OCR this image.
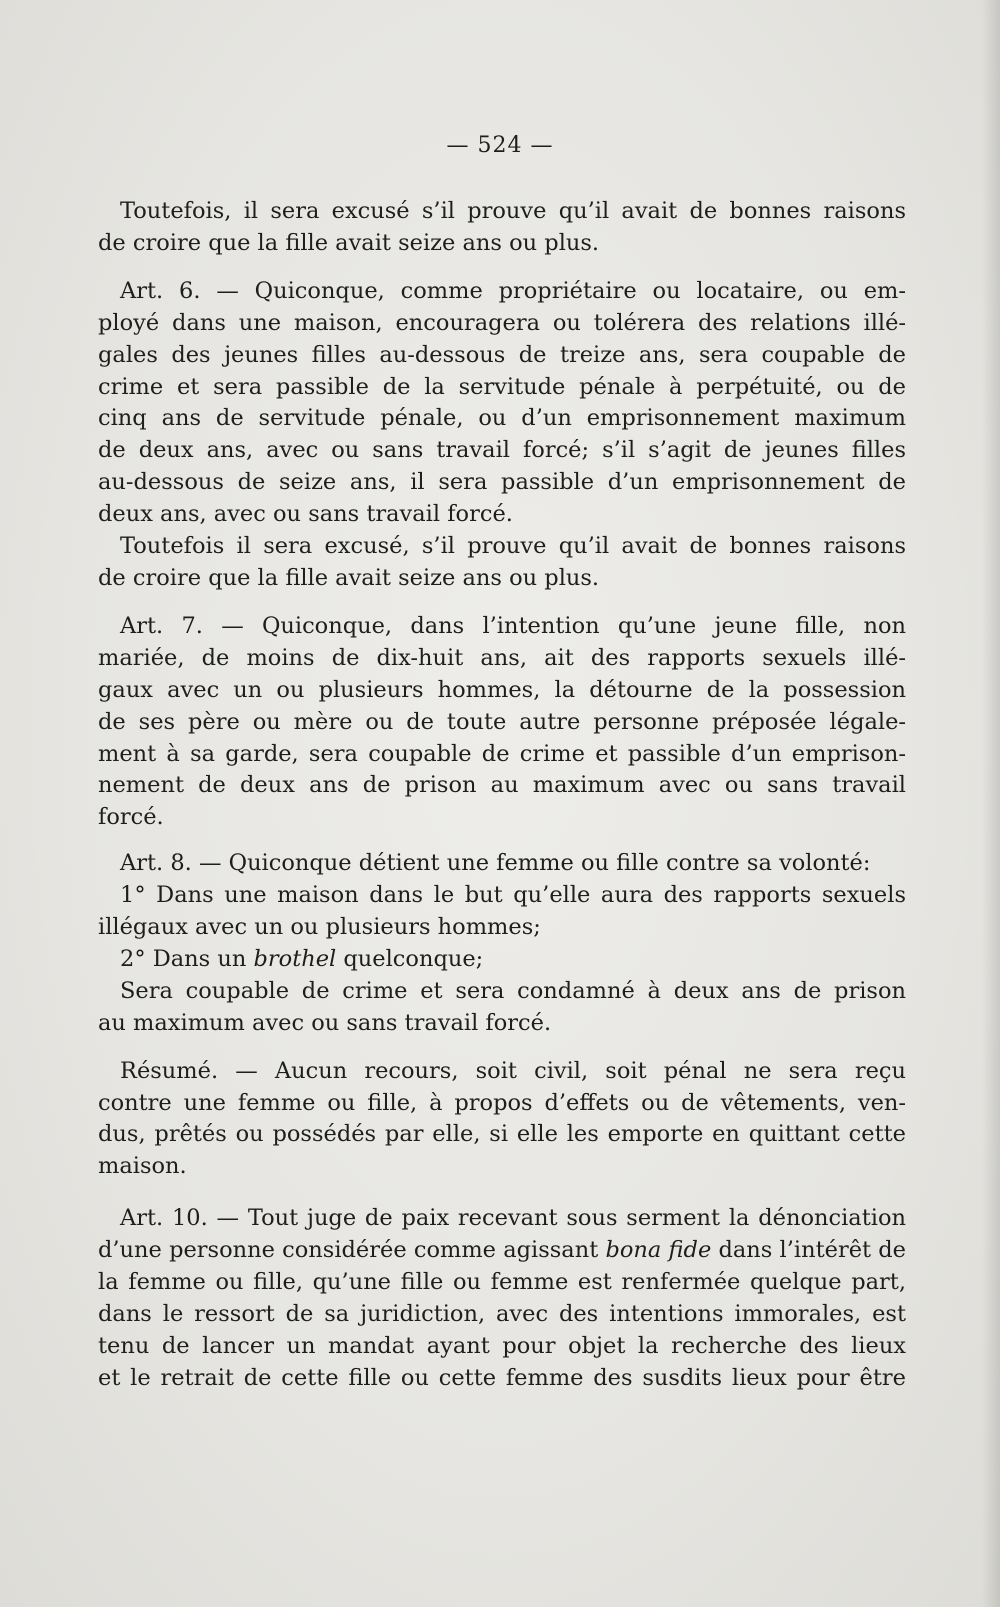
— 524 —

Toutefois, il sera excusé s’il prouve qu’il avait de bonnes raisons
de croire que la fille avait seize ans ou plus.

Art. 6. — Quiconque, comme propriétaire ou locataire, ou em-
ployé dans une maison, encouragera ou tolérera des relations illé-
gales des jeunes filles au-dessous de treize ans, sera coupable de
crime et sera passible de la servitude pénale à perpétuité, ou de
cinq ans de servitude pénale, ou d’un emprisonnement maximum
de deux ans, avec ou sans travail forcé; s’il s’agit de jeunes filles
au-dessous de seize ans, il sera passible d’un emprisonnement de
deux ans, avec ou sans travail forcé.

Toutefois il sera excusé, s’il prouve qu’il avait de bonnes raisons
de croire que la fille avait seize ans ou plus.

Art. 7. — Quiconque, dans l’intention qu’une jeune fille, non
mariée, de moins de dix-huit ans, ait des rapports sexuels illé-
gaux avec un ou plusieurs hommes, la détourne de la possession
de ses père ou mère ou de toute autre personne préposée légale-
ment à sa garde, sera coupable de crime et passible d’un emprison-
nement de deux ans de prison au maximum avec ou sans travail
forcé.

Art. 8. — Quiconque détient une femme ou fille contre sa volonté:

1° Dans une maison dans le but qu’elle aura des rapports sexuels
illégaux avec un ou plusieurs hommes;

2° Dans un brothel quelconque;

Sera coupable de crime et sera condamné à deux ans de prison
au maximum avec ou sans travail forcé.

Résumé. — Aucun recours, soit civil, soit pénal ne sera reçu
contre une femme ou fille, à propos d’effets ou de vêtements, ven-
dus, prêtés ou possédés par elle, si elle les emporte en quittant cette
maison.

Art. 10. — Tout juge de paix recevant sous serment la dénonciation
d’une personne considérée comme agissant bona fide dans l’intérêt de
la femme ou fille, qu’une fille ou femme est renfermée quelque part,
dans le ressort de sa juridiction, avec des intentions immorales, est
tenu de lancer un mandat ayant pour objet la recherche des lieux
et le retrait de cette fille ou cette femme des susdits lieux pour être
